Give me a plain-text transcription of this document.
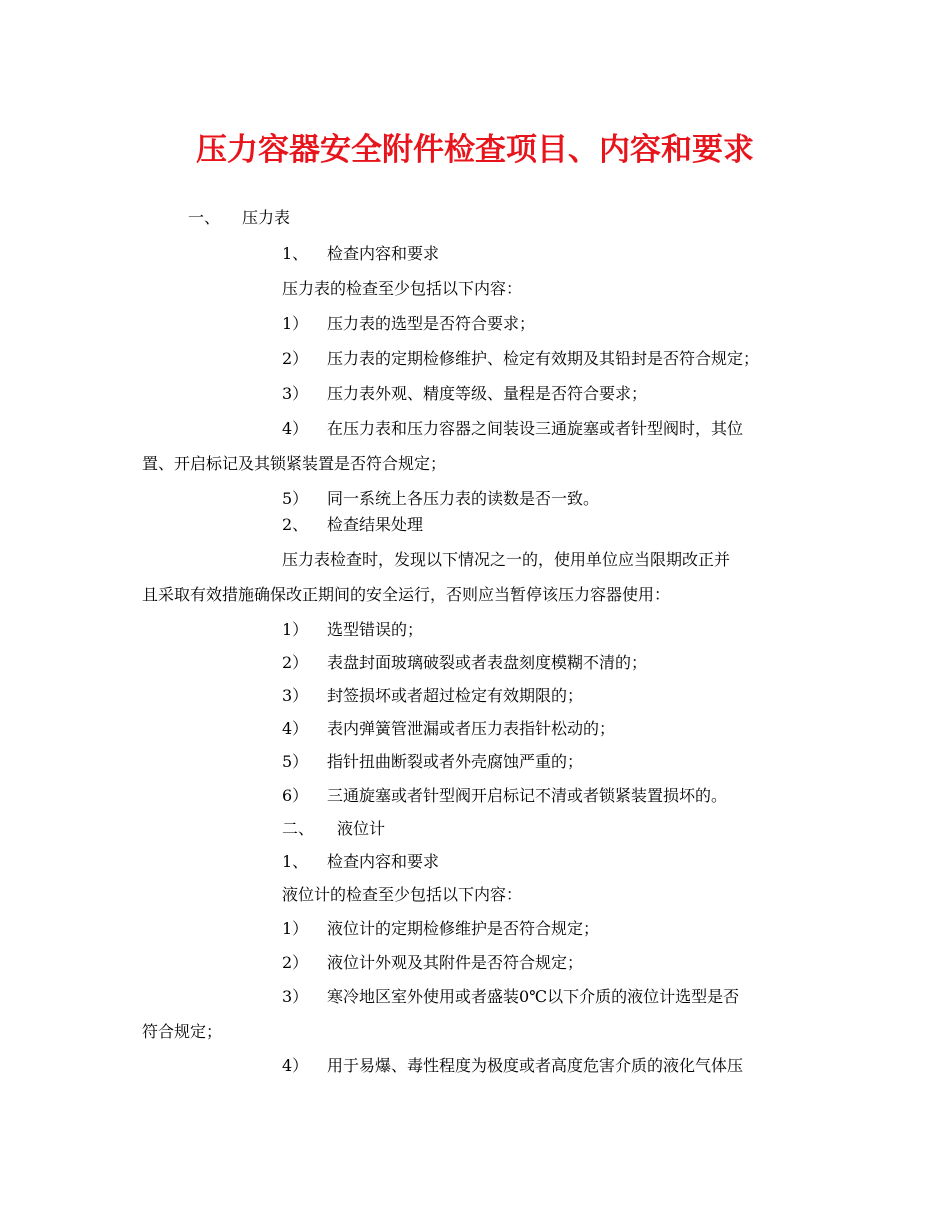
压力容器安全附件检查项目、内容和要求
一、 压力表
1、 检查内容和要求
压力表的检查至少包括以下内容：
1） 压力表的选型是否符合要求；
2） 压力表的定期检修维护、检定有效期及其铅封是否符合规定；
3） 压力表外观、精度等级、量程是否符合要求；
4） 在压力表和压力容器之间装设三通旋塞或者针型阀时，其位
置、开启标记及其锁紧装置是否符合规定；
5） 同一系统上各压力表的读数是否一致。
2、 检查结果处理
压力表检查时，发现以下情况之一的，使用单位应当限期改正并
且采取有效措施确保改正期间的安全运行，否则应当暂停该压力容器使用：
1） 选型错误的；
2） 表盘封面玻璃破裂或者表盘刻度模糊不清的；
3） 封签损坏或者超过检定有效期限的；
4） 表内弹簧管泄漏或者压力表指针松动的；
5） 指针扭曲断裂或者外壳腐蚀严重的；
6） 三通旋塞或者针型阀开启标记不清或者锁紧装置损坏的。
二、 液位计
1、 检查内容和要求
液位计的检查至少包括以下内容：
1） 液位计的定期检修维护是否符合规定；
2） 液位计外观及其附件是否符合规定；
3） 寒冷地区室外使用或者盛装0℃以下介质的液位计选型是否
符合规定；
4） 用于易爆、毒性程度为极度或者高度危害介质的液化气体压
